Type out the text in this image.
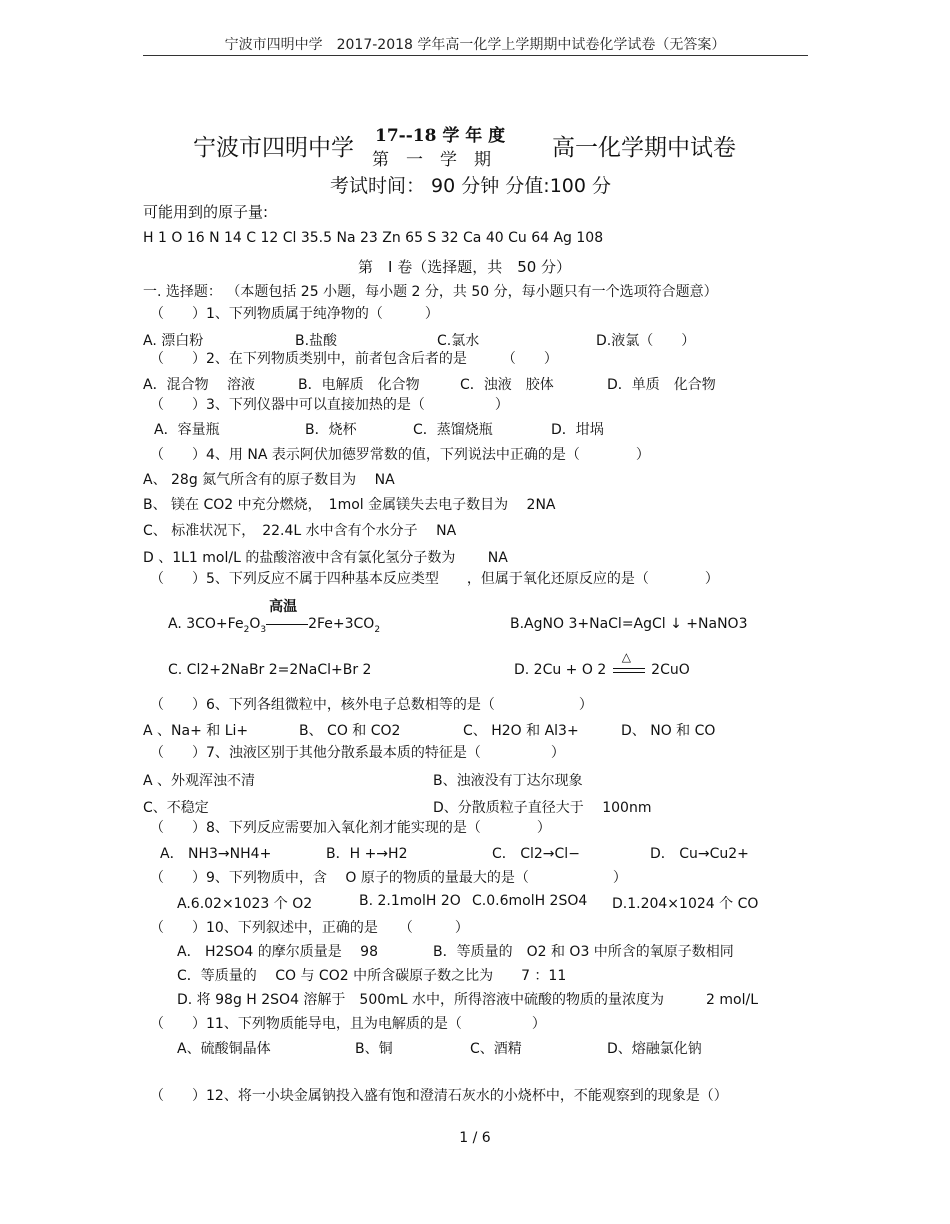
宁波市四明中学　2017-2018 学年高一化学上学期期中试卷化学试卷（无答案）
宁波市四明中学 17--18 学 年 度
第　一　学　期	高一化学期中试卷
考试时间： 90 分钟 分值:100 分
可能用到的原子量:
H 1 O 16 N 14 C 12 Cl 35.5 Na 23 Zn 65 S 32 Ca 40 Cu 64 Ag 108
第　Ⅰ 卷（选择题，共　50 分）
一. 选择题： （本题包括 25 小题，每小题 2 分，共 50 分，每小题只有一个选项符合题意）
（　　）1、下列物质属于纯净物的（　　　）
A. 漂白粉	B.盐酸	C.氯水	D.液氯（　　）
（　　）2、在下列物质类别中，前者包含后者的是　　　（　　）
A．混合物　 溶液	B．电解质　化合物	C．浊液　胶体	D．单质　化合物
（　　）3、下列仪器中可以直接加热的是（　　　　　）
A．容量瓶	B．烧杯	C．蒸馏烧瓶	D．坩埚
（　　）4、用 NA 表示阿伏加德罗常数的值，下列说法中正确的是（　　　　）
A、 28g 氮气所含有的原子数目为　 NA
B、 镁在 CO2 中充分燃烧，　1mol 金属镁失去电子数目为　 2NA
C、 标准状况下，　22.4L 水中含有个水分子　 NA
D 、1L1 mol/L 的盐酸溶液中含有氯化氢分子数为　　 NA
（　　）5、下列反应不属于四种基本反应类型　　，但属于氧化还原反应的是（　　　　）
A. $3CO+Fe_2O_3$
高温
$2Fe+3CO_2$	B.AgNO 3+NaCl=AgCl ↓ +NaNO3
C. Cl2+2NaBr 2=2NaCl+Br 2	D. 2Cu + O 2
△
2CuO
（　　）6、下列各组微粒中，核外电子总数相等的是（　　　　　　）
A 、Na+ 和 Li+	B、 CO 和 CO2	C、 H2O 和 Al3+	D、 NO 和 CO
（　　）7、浊液区别于其他分散系最本质的特征是（　　　　　）
A 、外观浑浊不清	B、浊液没有丁达尔现象
C、不稳定	D、分散质粒子直径大于　 100nm
（　　）8、下列反应需要加入氧化剂才能实现的是（　　　　）
A． NH3→NH4+	B．H +→H2	C． Cl2→Cl−	D． Cu→Cu2+
（　　）9、下列物质中，含　 O 原子的物质的量最大的是（　　　　　　）
A.6.02×1023 个 O2	B. 2.1molH 2O C.0.6molH 2SO4 D.1.204×1024 个 CO
（　　）10、下列叙述中，正确的是　　（　　　）
A． H2SO4 的摩尔质量是　 98	B．等质量的　O2 和 O3 中所含的氧原子数相同
C．等质量的　 CO 与 CO2 中所含碳原子数之比为　　7 ：11
D. 将 98g H 2SO4 溶解于　500mL 水中，所得溶液中硫酸的物质的量浓度为　　　2 mol/L
（　　）11、下列物质能导电，且为电解质的是（　　　　　）
A、硫酸铜晶体	B、铜	C、酒精	D、熔融氯化钠
（　　）12、将一小块金属钠投入盛有饱和澄清石灰水的小烧杯中，不能观察到的现象是（）
1 / 6
